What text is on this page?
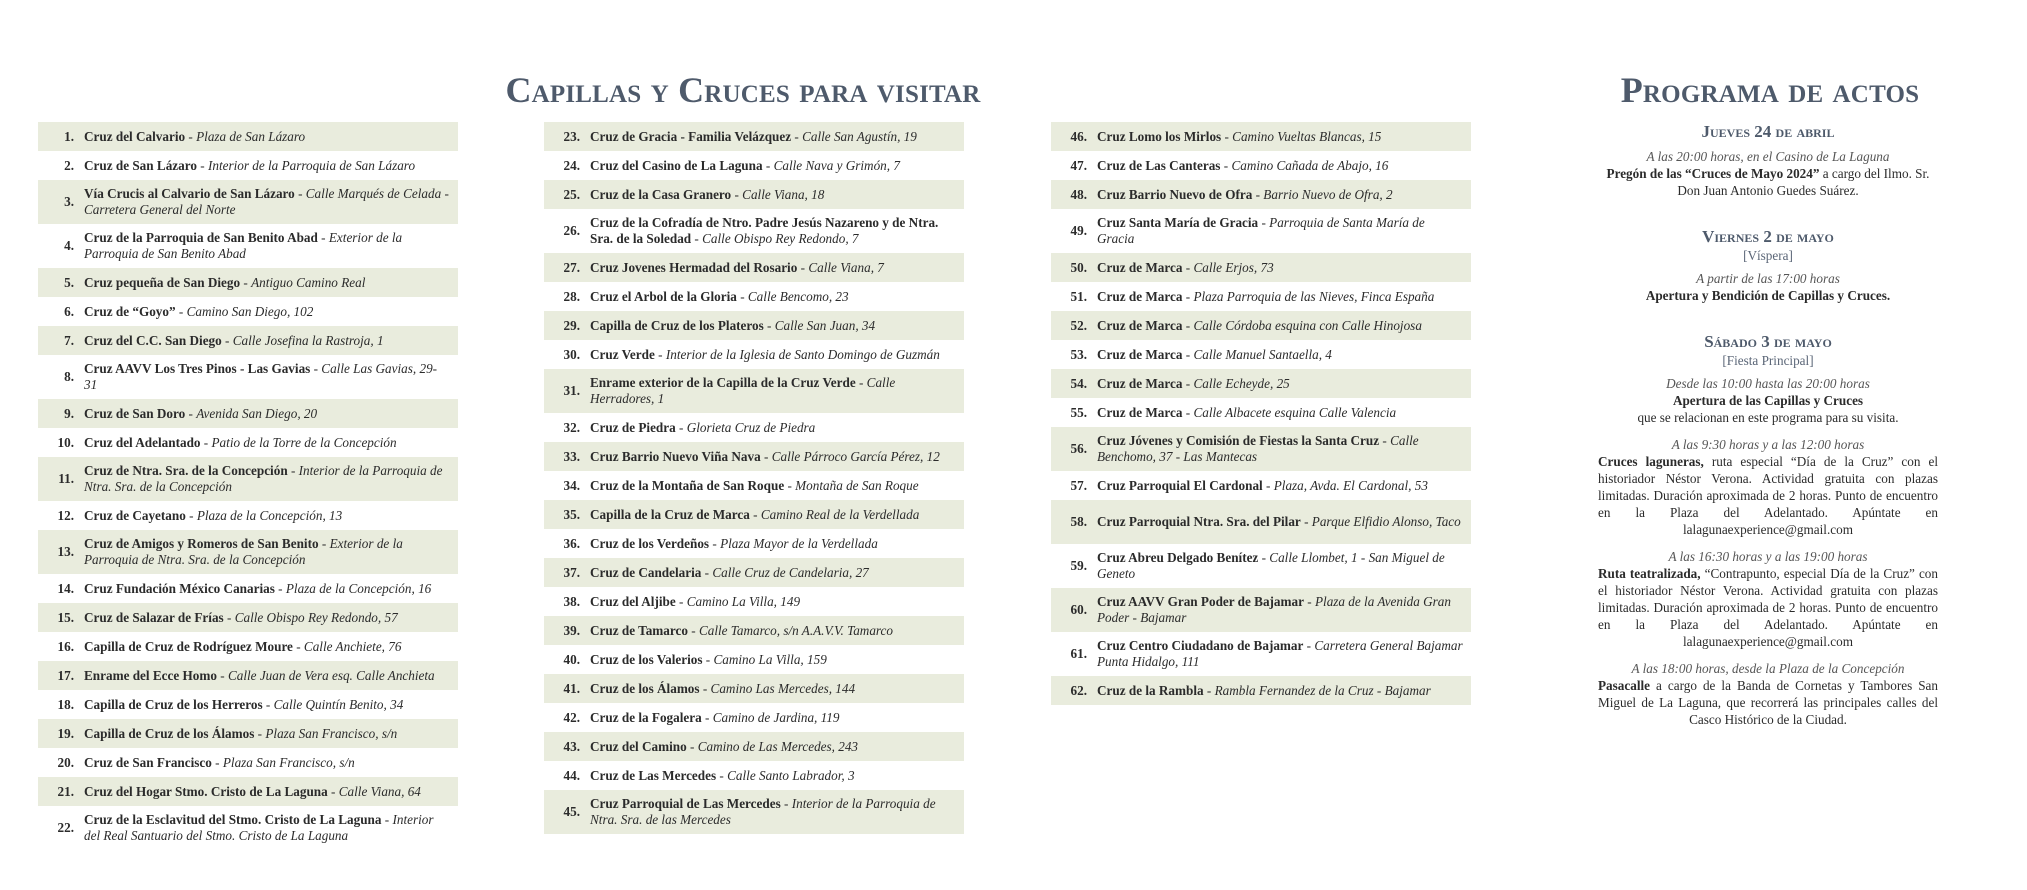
Capillas y Cruces para visitar	Programa de actos
1. Cruz del Calvario - Plaza de San Lázaro
2. Cruz de San Lázaro - Interior de la Parroquia de San Lázaro
3.
Vía Crucis al Calvario de San Lázaro - Calle Marqués de Celada - Carretera General del Norte
4.
Cruz de la Parroquia de San Benito Abad - Exterior de la Parroquia de San Benito Abad
5. Cruz pequeña de San Diego - Antiguo Camino Real
6. Cruz de “Goyo” - Camino San Diego, 102
7. Cruz del C.C. San Diego - Calle Josefina la Rastroja, 1
8.
Cruz AAVV Los Tres Pinos - Las Gavias - Calle Las Gavias, 29-31
9. Cruz de San Doro - Avenida San Diego, 20
10. Cruz del Adelantado - Patio de la Torre de la Concepción
11.
Cruz de Ntra. Sra. de la Concepción - Interior de la Parroquia de Ntra. Sra. de la Concepción
12. Cruz de Cayetano - Plaza de la Concepción, 13
13.
Cruz de Amigos y Romeros de San Benito - Exterior de la Parroquia de Ntra. Sra. de la Concepción
14. Cruz Fundación México Canarias - Plaza de la Concepción, 16
15. Cruz de Salazar de Frías - Calle Obispo Rey Redondo, 57
16. Capilla de Cruz de Rodríguez Moure - Calle Anchiete, 76
17. Enrame del Ecce Homo - Calle Juan de Vera esq. Calle Anchieta
18. Capilla de Cruz de los Herreros - Calle Quintín Benito, 34
19. Capilla de Cruz de los Álamos - Plaza San Francisco, s/n
20. Cruz de San Francisco - Plaza San Francisco, s/n
21. Cruz del Hogar Stmo. Cristo de La Laguna - Calle Viana, 64
22.
Cruz de la Esclavitud del Stmo. Cristo de La Laguna - Interior del Real Santuario del Stmo. Cristo de La Laguna
23. Cruz de Gracia - Familia Velázquez - Calle San Agustín, 19
24. Cruz del Casino de La Laguna - Calle Nava y Grimón, 7
25. Cruz de la Casa Granero - Calle Viana, 18
26.
Cruz de la Cofradía de Ntro. Padre Jesús Nazareno y de Ntra. Sra. de la Soledad - Calle Obispo Rey Redondo, 7
27. Cruz Jovenes Hermadad del Rosario - Calle Viana, 7
28. Cruz el Arbol de la Gloria - Calle Bencomo, 23
29. Capilla de Cruz de los Plateros - Calle San Juan, 34
30. Cruz Verde - Interior de la Iglesia de Santo Domingo de Guzmán
31.
Enrame exterior de la Capilla de la Cruz Verde - Calle Herradores, 1
32. Cruz de Piedra - Glorieta Cruz de Piedra
33. Cruz Barrio Nuevo Viña Nava - Calle Párroco García Pérez, 12
34. Cruz de la Montaña de San Roque - Montaña de San Roque
35. Capilla de la Cruz de Marca - Camino Real de la Verdellada
36. Cruz de los Verdeños - Plaza Mayor de la Verdellada
37. Cruz de Candelaria - Calle Cruz de Candelaria, 27
38. Cruz del Aljibe - Camino La Villa, 149
39. Cruz de Tamarco - Calle Tamarco, s/n A.A.V.V. Tamarco
40. Cruz de los Valerios - Camino La Villa, 159
41. Cruz de los Álamos - Camino Las Mercedes, 144
42. Cruz de la Fogalera - Camino de Jardina, 119
43. Cruz del Camino - Camino de Las Mercedes, 243
44. Cruz de Las Mercedes - Calle Santo Labrador, 3
45.
Cruz Parroquial de Las Mercedes - Interior de la Parroquia de Ntra. Sra. de las Mercedes
46. Cruz Lomo los Mirlos - Camino Vueltas Blancas, 15
47. Cruz de Las Canteras - Camino Cañada de Abajo, 16
48. Cruz Barrio Nuevo de Ofra - Barrio Nuevo de Ofra, 2
49.
Cruz Santa María de Gracia - Parroquia de Santa María de Gracia
50. Cruz de Marca - Calle Erjos, 73
51. Cruz de Marca - Plaza Parroquia de las Nieves, Finca España
52. Cruz de Marca - Calle Córdoba esquina con Calle Hinojosa
53. Cruz de Marca - Calle Manuel Santaella, 4
54. Cruz de Marca - Calle Echeyde, 25
55. Cruz de Marca - Calle Albacete esquina Calle Valencia
56.
Cruz Jóvenes y Comisión de Fiestas la Santa Cruz - Calle Benchomo, 37 - Las Mantecas
57. Cruz Parroquial El Cardonal - Plaza, Avda. El Cardonal, 53
58. Cruz Parroquial Ntra. Sra. del Pilar - Parque Elfidio Alonso, Taco
59.
Cruz Abreu Delgado Benítez - Calle Llombet, 1 - San Miguel de Geneto
60.
Cruz AAVV Gran Poder de Bajamar - Plaza de la Avenida Gran Poder - Bajamar
61.
Cruz Centro Ciudadano de Bajamar - Carretera General Bajamar Punta Hidalgo, 111
62. Cruz de la Rambla - Rambla Fernandez de la Cruz - Bajamar
Jueves 24 de abril
A las 20:00 horas, en el Casino de La Laguna
Pregón de las “Cruces de Mayo 2024” a cargo del Ilmo. Sr. Don Juan Antonio Guedes Suárez.
Viernes 2 de mayo
[Víspera]
A partir de las 17:00 horas
Apertura y Bendición de Capillas y Cruces.
Sábado 3 de mayo
[Fiesta Principal]
Desde las 10:00 hasta las 20:00 horas
Apertura de las Capillas y Cruces
que se relacionan en este programa para su visita.
A las 9:30 horas y a las 12:00 horas
Cruces laguneras, ruta especial “Día de la Cruz” con el historiador Néstor Verona. Actividad gratuita con plazas limitadas. Duración aproximada de 2 horas. Punto de encuentro en la Plaza del Adelantado. Apúntate en lalagunaexperience@gmail.com
A las 16:30 horas y a las 19:00 horas
Ruta teatralizada, “Contrapunto, especial Día de la Cruz” con el historiador Néstor Verona. Actividad gratuita con plazas limitadas. Duración aproximada de 2 horas. Punto de encuentro en la Plaza del Adelantado. Apúntate en lalagunaexperience@gmail.com
A las 18:00 horas, desde la Plaza de la Concepción
Pasacalle a cargo de la Banda de Cornetas y Tambores San Miguel de La Laguna, que recorrerá las principales calles del Casco Histórico de la Ciudad.
